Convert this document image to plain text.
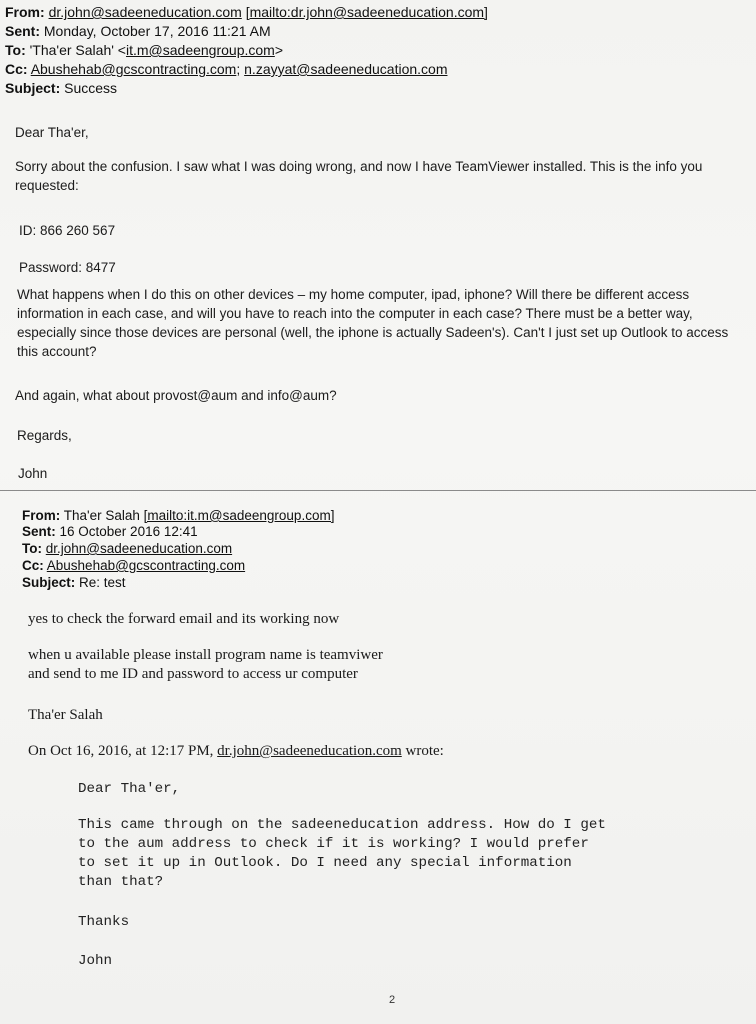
From: dr.john@sadeeneducation.com [mailto:dr.john@sadeeneducation.com]
Sent: Monday, October 17, 2016 11:21 AM
To: 'Tha'er Salah' <it.m@sadeengroup.com>
Cc: Abushehab@gcscontracting.com; n.zayyat@sadeeneducation.com
Subject: Success
Dear Tha'er,
Sorry about the confusion. I saw what I was doing wrong, and now I have TeamViewer installed. This is the info you requested:
ID: 866 260 567
Password: 8477
What happens when I do this on other devices – my home computer, ipad, iphone? Will there be different access information in each case, and will you have to reach into the computer in each case? There must be a better way, especially since those devices are personal (well, the iphone is actually Sadeen's). Can't I just set up Outlook to access this account?
And again, what about provost@aum and info@aum?
Regards,
John
From: Tha'er Salah [mailto:it.m@sadeengroup.com]
Sent: 16 October 2016 12:41
To: dr.john@sadeeneducation.com
Cc: Abushehab@gcscontracting.com
Subject: Re: test
yes to check the forward email and its working now
when u available please install program name is teamviwer
and send to me ID and password to access ur computer
Tha'er Salah
On Oct 16, 2016, at 12:17 PM, dr.john@sadeeneducation.com wrote:
Dear Tha'er,
This came through on the sadeeneducation address. How do I get
to the aum address to check if it is working? I would prefer
to set it up in Outlook. Do I need any special information
than that?
Thanks
John
2
